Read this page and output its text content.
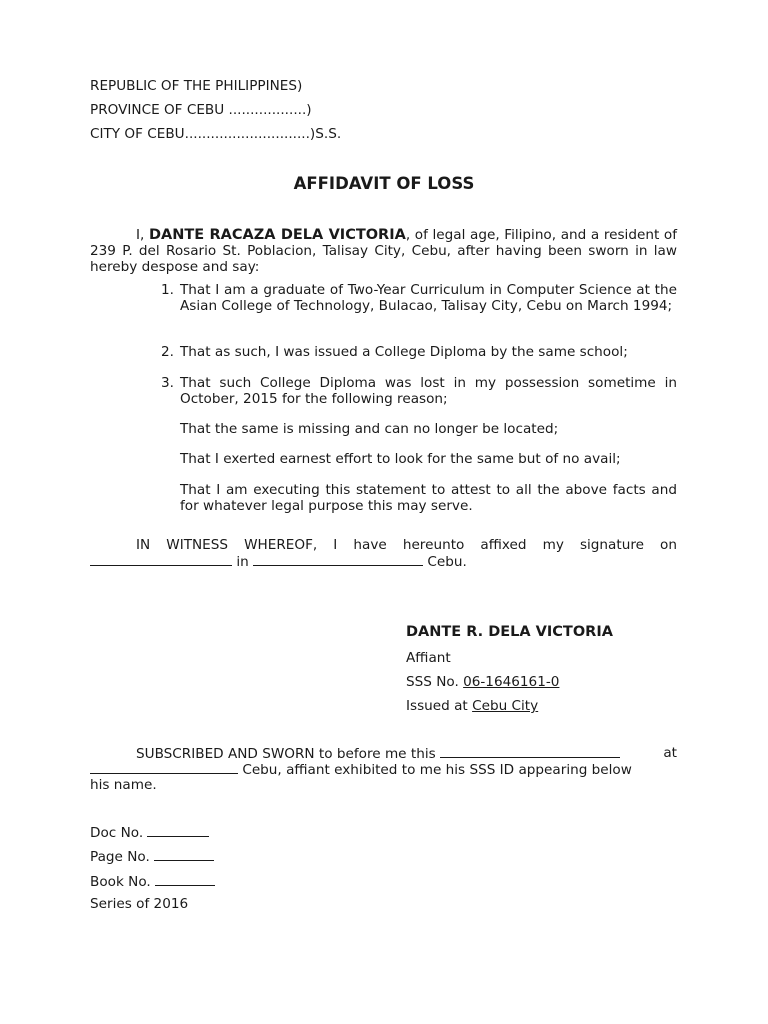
REPUBLIC OF THE PHILIPPINES)
PROVINCE OF CEBU ..................)
CITY OF CEBU.............................)S.S.
AFFIDAVIT OF LOSS

I, DANTE RACAZA DELA VICTORIA, of legal age, Filipino, and a resident of 239 P. del Rosario St. Poblacion, Talisay City, Cebu, after having been sworn in law hereby despose and say:

1. That I am a graduate of Two-Year Curriculum in Computer Science at the Asian College of Technology, Bulacao, Talisay City, Cebu on March 1994;
2. That as such, I was issued a College Diploma by the same school;
3. That such College Diploma was lost in my possession sometime in October, 2015 for the following reason;
That the same is missing and can no longer be located;
That I exerted earnest effort to look for the same but of no avail;
That I am executing this statement to attest to all the above facts and for whatever legal purpose this may serve.

IN WITNESS WHEREOF, I have hereunto affixed my signature on

in	Cebu.
DANTE R. DELA VICTORIA
Affiant
SSS No. 06-1646161-0
Issued at Cebu City
SUBSCRIBED AND SWORN to before me this	at
Cebu, affiant exhibited to me his SSS ID appearing below
his name.
Doc No.
Page No.
Book No.
Series of 2016
